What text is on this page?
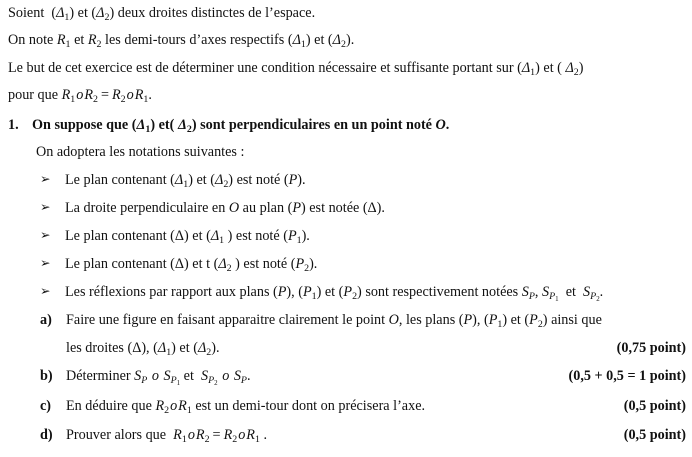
Soient  $(\Delta_1)$ et $(\Delta_2)$ deux droites distinctes de l’espace.
On note $R_1$ et $R_2$ les demi-tours d’axes respectifs $(\Delta_1)$ et $(\Delta_2)$.
Le but de cet exercice est de déterminer une condition nécessaire et suffisante portant sur $(\Delta_1)$ et ( $\Delta_2$)
pour que $R_1oR_2 = R_2oR_1$.
1. On suppose que $(\Delta_1)$ et( $\Delta_2$) sont perpendiculaires en un point noté O.
On adoptera les notations suivantes :
➢ Le plan contenant $(\Delta_1)$ et $(\Delta_2)$ est noté (P).
➢ La droite perpendiculaire en O au plan (P) est notée (Δ).
➢ Le plan contenant (Δ) et ($\Delta_1$ ) est noté $(P_1)$.
➢ Le plan contenant (Δ) et t ($\Delta_2$ ) est noté $(P_2)$.
➢ Les réflexions par rapport aux plans (P), $(P_1)$ et $(P_2)$ sont respectivement notées $S_P$, $S_{P_1}$  et  $S_{P_2}$.
a) Faire une figure en faisant apparaitre clairement le point O, les plans (P), $(P_1)$ et $(P_2)$ ainsi que
les droites (Δ), $(\Delta_1)$ et $(\Delta_2)$.	(0,75 point)
b) Déterminer $S_P$ o $S_{P_1}$ et  $S_{P_2}$ o $S_P$.	(0,5 + 0,5 = 1 point)
c) En déduire que $R_2oR_1$ est un demi-tour dont on précisera l’axe.	(0,5 point)
d) Prouver alors que  $R_1oR_2 = R_2oR_1$ .	(0,5 point)
